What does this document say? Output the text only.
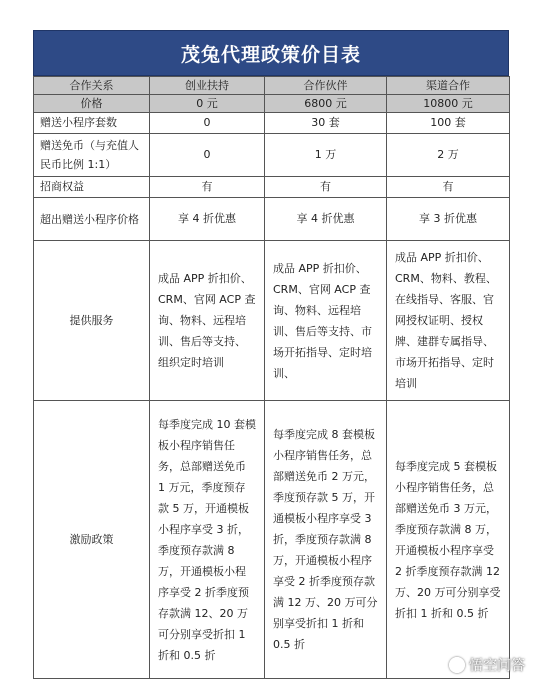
茂兔代理政策价目表
合作关系	创业扶持	合作伙伴	渠道合作
价格	0 元	6800 元	10800 元
赠送小程序套数	0	30 套	100 套
赠送免币（与充值人民币比例 1:1）	0	1 万	2 万
招商权益	有	有	有
超出赠送小程序价格	享 4 折优惠	享 4 折优惠	享 3 折优惠
提供服务	成品 APP 折扣价、CRM、官网 ACP 查询、物料、远程培训、售后等支持、组织定时培训	成品 APP 折扣价、CRM、官网 ACP 查询、物料、远程培训、售后等支持、市场开拓指导、定时培训、	成品 APP 折扣价、CRM、物料、教程、在线指导、客服、官网授权证明、授权牌、建群专属指导、市场开拓指导、定时培训
激励政策	每季度完成 10 套模板小程序销售任务，总部赠送免币 1 万元，季度预存款 5 万，开通模板小程序享受 3 折，季度预存款满 8 万，开通模板小程序享受 2 折季度预存款满 12、20 万可分别享受折扣 1 折和 0.5 折	每季度完成 8 套模板小程序销售任务，总部赠送免币 2 万元，季度预存款 5 万，开通模板小程序享受 3 折，季度预存款满 8 万，开通模板小程序享受 2 折季度预存款满 12 万、20 万可分别享受折扣 1 折和 0.5 折	每季度完成 5 套模板小程序销售任务，总部赠送免币 3 万元，季度预存款满 8 万，开通模板小程序享受 2 折季度预存款满 12 万、20 万可分别享受折扣 1 折和 0.5 折
悟空问答
